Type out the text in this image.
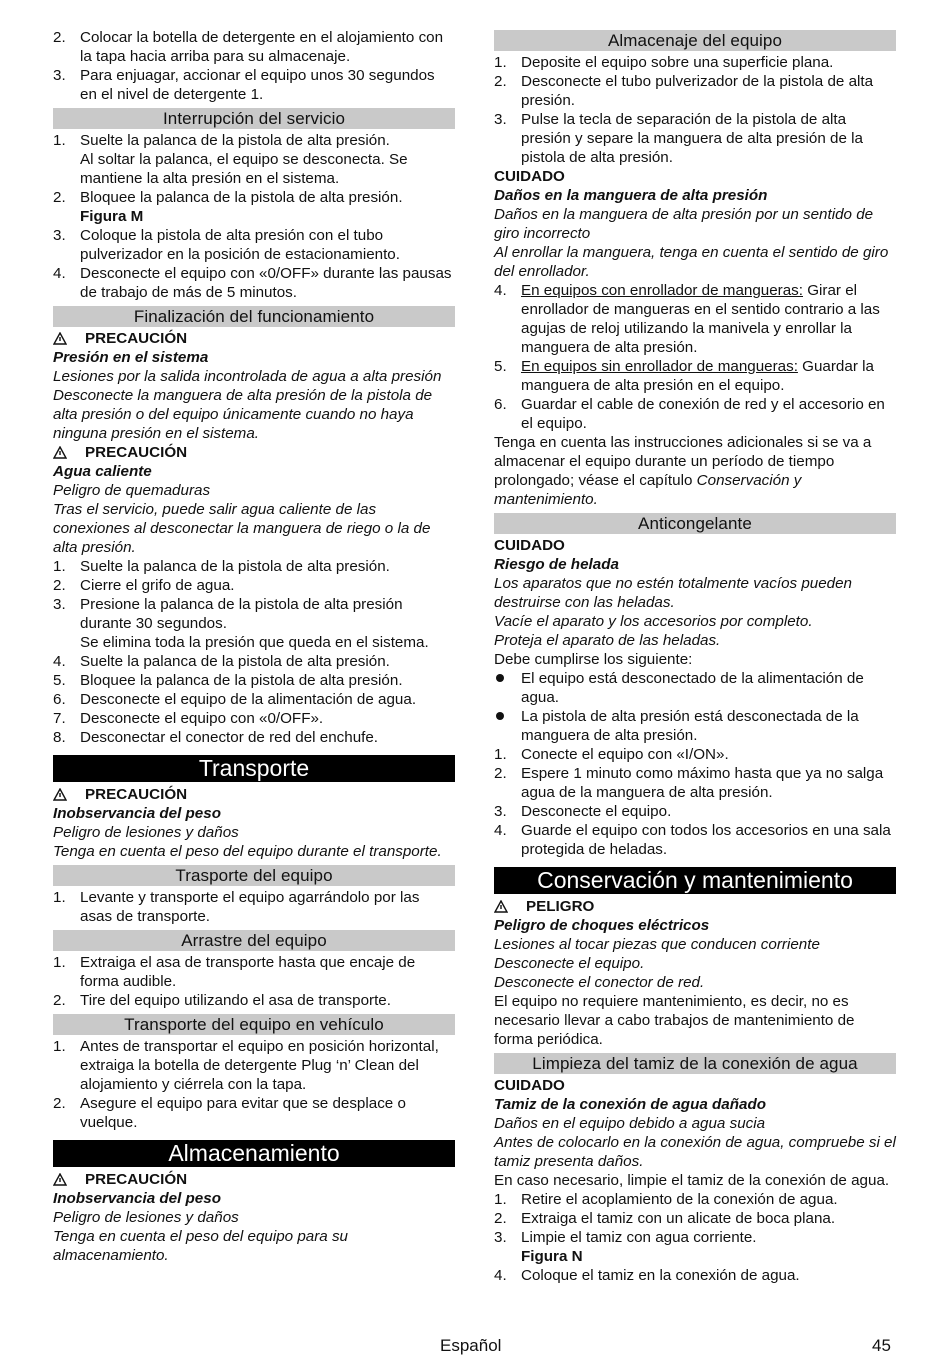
2. Colocar la botella de detergente en el alojamiento con la tapa hacia arriba para su almacenaje.
3. Para enjuagar, accionar el equipo unos 30 segundos en el nivel de detergente 1.
Interrupción del servicio
1. Suelte la palanca de la pistola de alta presión.
Al soltar la palanca, el equipo se desconecta. Se mantiene la alta presión en el sistema.
2. Bloquee la palanca de la pistola de alta presión.
Figura M
3. Coloque la pistola de alta presión con el tubo pulverizador en la posición de estacionamiento.
4. Desconecte el equipo con «0/OFF» durante las pausas de trabajo de más de 5 minutos.
Finalización del funcionamiento
PRECAUCIÓN
Presión en el sistema
Lesiones por la salida incontrolada de agua a alta presión
Desconecte la manguera de alta presión de la pistola de alta presión o del equipo únicamente cuando no haya ninguna presión en el sistema.
PRECAUCIÓN
Agua caliente
Peligro de quemaduras
Tras el servicio, puede salir agua caliente de las conexiones al desconectar la manguera de riego o la de alta presión.
1. Suelte la palanca de la pistola de alta presión.
2. Cierre el grifo de agua.
3. Presione la palanca de la pistola de alta presión durante 30 segundos.
Se elimina toda la presión que queda en el sistema.
4. Suelte la palanca de la pistola de alta presión.
5. Bloquee la palanca de la pistola de alta presión.
6. Desconecte el equipo de la alimentación de agua.
7. Desconecte el equipo con «0/OFF».
8. Desconectar el conector de red del enchufe.
Transporte
PRECAUCIÓN
Inobservancia del peso
Peligro de lesiones y daños
Tenga en cuenta el peso del equipo durante el transporte.
Trasporte del equipo
1. Levante y transporte el equipo agarrándolo por las asas de transporte.
Arrastre del equipo
1. Extraiga el asa de transporte hasta que encaje de forma audible.
2. Tire del equipo utilizando el asa de transporte.
Transporte del equipo en vehículo
1. Antes de transportar el equipo en posición horizontal, extraiga la botella de detergente Plug ‘n’ Clean del alojamiento y ciérrela con la tapa.
2. Asegure el equipo para evitar que se desplace o vuelque.
Almacenamiento
PRECAUCIÓN
Inobservancia del peso
Peligro de lesiones y daños
Tenga en cuenta el peso del equipo para su almacenamiento.
Almacenaje del equipo
1. Deposite el equipo sobre una superficie plana.
2. Desconecte el tubo pulverizador de la pistola de alta presión.
3. Pulse la tecla de separación de la pistola de alta presión y separe la manguera de alta presión de la pistola de alta presión.
CUIDADO
Daños en la manguera de alta presión
Daños en la manguera de alta presión por un sentido de giro incorrecto
Al enrollar la manguera, tenga en cuenta el sentido de giro del enrollador.
4. En equipos con enrollador de mangueras: Girar el enrollador de mangueras en el sentido contrario a las agujas de reloj utilizando la manivela y enrollar la manguera de alta presión.
5. En equipos sin enrollador de mangueras: Guardar la manguera de alta presión en el equipo.
6. Guardar el cable de conexión de red y el accesorio en el equipo.
Tenga en cuenta las instrucciones adicionales si se va a almacenar el equipo durante un período de tiempo prolongado; véase el capítulo Conservación y mantenimiento.
Anticongelante
CUIDADO
Riesgo de helada
Los aparatos que no estén totalmente vacíos pueden destruirse con las heladas.
Vacíe el aparato y los accesorios por completo.
Proteja el aparato de las heladas.
Debe cumplirse los siguiente:
El equipo está desconectado de la alimentación de agua.
La pistola de alta presión está desconectada de la manguera de alta presión.
1. Conecte el equipo con «I/ON».
2. Espere 1 minuto como máximo hasta que ya no salga agua de la manguera de alta presión.
3. Desconecte el equipo.
4. Guarde el equipo con todos los accesorios en una sala protegida de heladas.
Conservación y mantenimiento
PELIGRO
Peligro de choques eléctricos
Lesiones al tocar piezas que conducen corriente
Desconecte el equipo.
Desconecte el conector de red.
El equipo no requiere mantenimiento, es decir, no es necesario llevar a cabo trabajos de mantenimiento de forma periódica.
Limpieza del tamiz de la conexión de agua
CUIDADO
Tamiz de la conexión de agua dañado
Daños en el equipo debido a agua sucia
Antes de colocarlo en la conexión de agua, compruebe si el tamiz presenta daños.
En caso necesario, limpie el tamiz de la conexión de agua.
1. Retire el acoplamiento de la conexión de agua.
2. Extraiga el tamiz con un alicate de boca plana.
3. Limpie el tamiz con agua corriente.
Figura N
4. Coloque el tamiz en la conexión de agua.
Español	45
